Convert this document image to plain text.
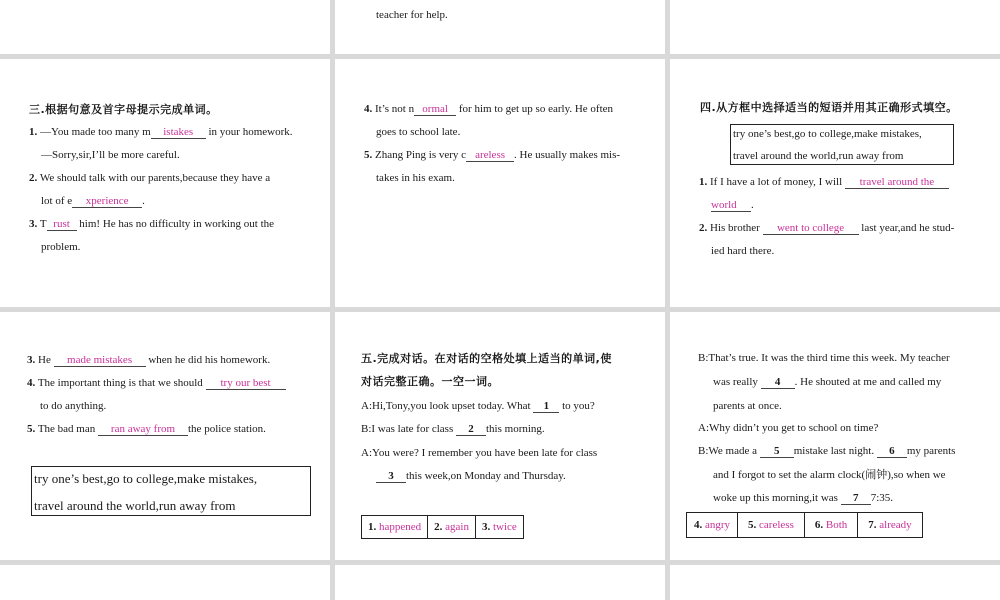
teacher for help.
三.根据句意及首字母提示完成单词。
1. —You made too many m istakes in your homework.
—Sorry,sir,I’ll be more careful.
2. We should talk with our parents,because they have a
lot of e xperience .
3. T rust him! He has no difficulty in working out the
problem.
4. It’s not n ormal for him to get up so early. He often
goes to school late.
5. Zhang Ping is very c areless . He usually makes mis-
takes in his exam.
四.从方框中选择适当的短语并用其正确形式填空。
try one’s best,go to college,make mistakes,
travel around the world,run away from
1. If I have a lot of money, I will travel around the
world .
2. His brother went to college last year,and he stud-
ied hard there.
3. He made mistakes when he did his homework.
4. The important thing is that we should try our best
to do anything.
5. The bad man ran away from the police station.
try one’s best,go to college,make mistakes,
travel around the world,run away from
五.完成对话。在对话的空格处填上适当的单词,使
对话完整正确。一空一词。
A:Hi,Tony,you look upset today. What 1 to you?
B:I was late for class 2 this morning.
A:You were? I remember you have been late for class
3 this week,on Monday and Thursday.
1. happened	2. again	3. twice
B:That’s true. It was the third time this week. My teacher
was really 4 . He shouted at me and called my
parents at once.
A:Why didn’t you get to school on time?
B:We made a 5 mistake last night. 6 my parents
and I forgot to set the alarm clock(闹钟),so when we
woke up this morning,it was 7 7:35.
4. angry	5. careless	6. Both	7. already
